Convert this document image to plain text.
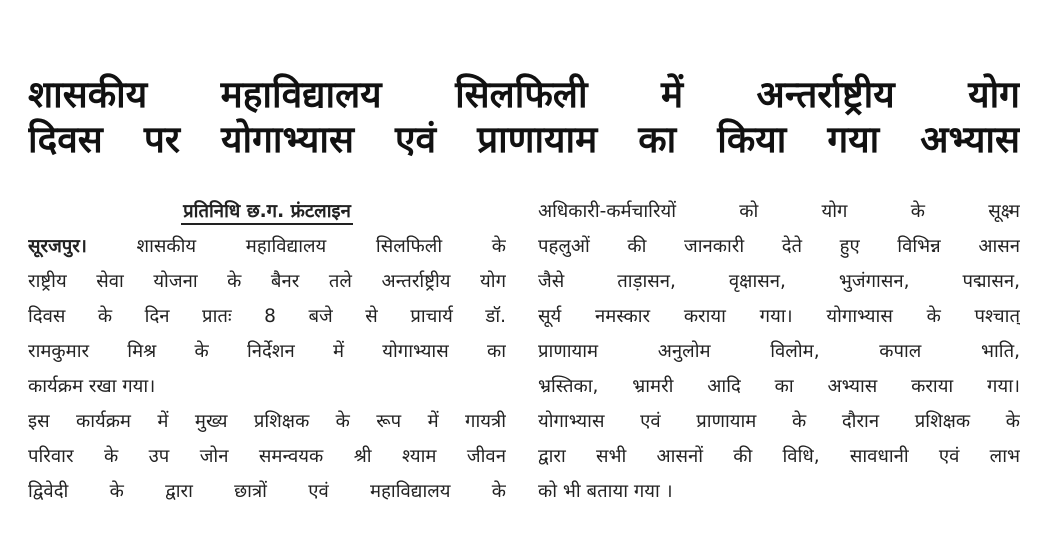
शासकीय महाविद्यालय सिलफिली में अन्तर्राष्ट्रीय योग
दिवस पर योगाभ्यास एवं प्राणायाम का किया गया अभ्यास
प्रतिनिधि छ.ग. फ्रंटलाइन
सूरजपुर।	शासकीय महाविद्यालय सिलफिली के
राष्ट्रीय सेवा योजना के बैनर तले अन्तर्राष्ट्रीय योग
दिवस के दिन प्रातः 8 बजे से प्राचार्य डॉ.
रामकुमार मिश्र के निर्देशन में योगाभ्यास का
कार्यक्रम रखा गया।
इस कार्यक्रम में मुख्य प्रशिक्षक के रूप में गायत्री
परिवार के उप जोन समन्वयक श्री श्याम जीवन
द्विवेदी के द्वारा छात्रों एवं महाविद्यालय के
अधिकारी-कर्मचारियों को योग के सूक्ष्म
पहलुओं की जानकारी देते हुए विभिन्न आसन
जैसे ताड़ासन, वृक्षासन, भुजंगासन, पद्मासन,
सूर्य नमस्कार कराया गया। योगाभ्यास के पश्चात्
प्राणायाम अनुलोम विलोम, कपाल भाति,
भ्रस्तिका, भ्रामरी आदि का अभ्यास कराया गया।
योगाभ्यास एवं प्राणायाम के दौरान प्रशिक्षक के
द्वारा सभी आसनों की विधि, सावधानी एवं लाभ
को भी बताया गया ।
